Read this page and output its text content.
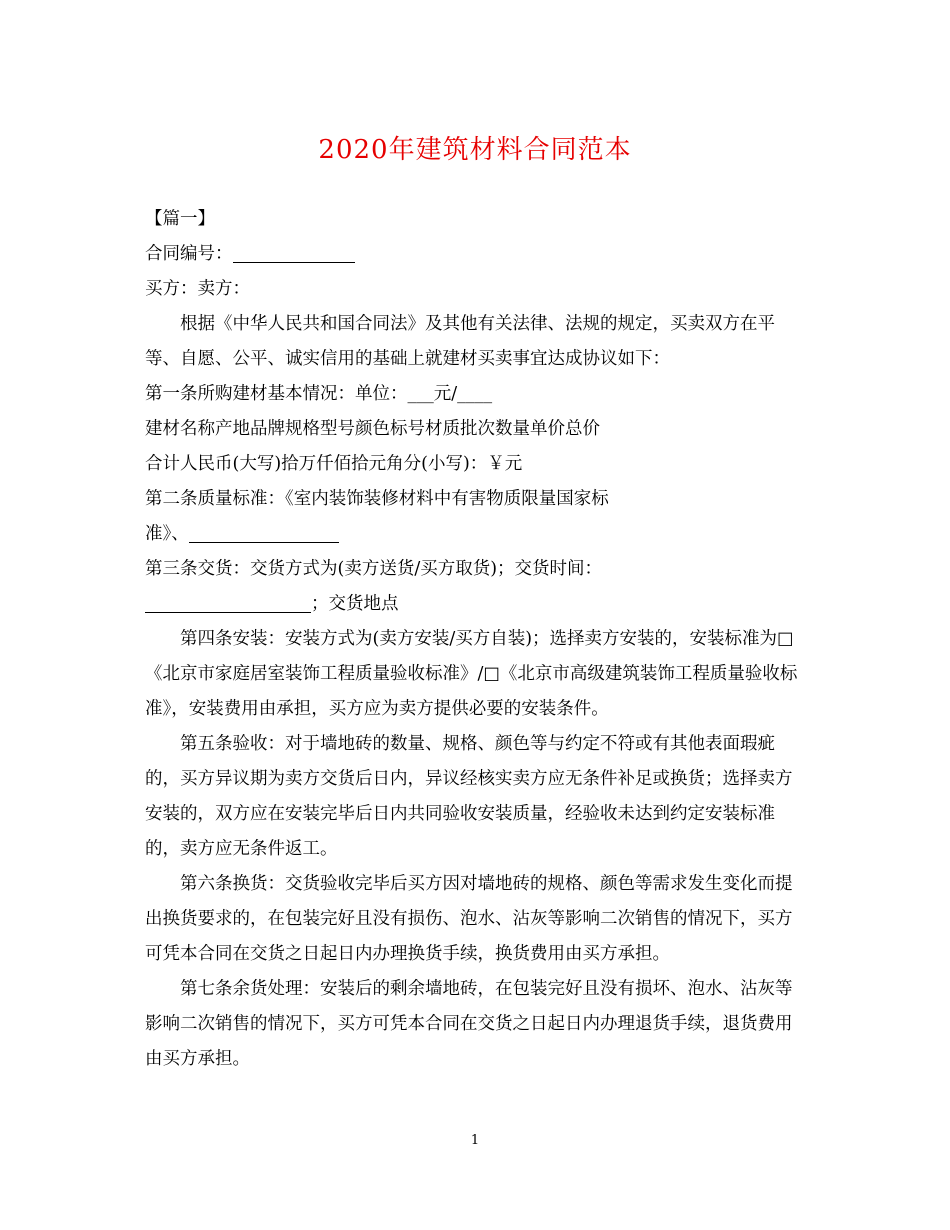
2020年建筑材料合同范本

【篇一】

合同编号：

买方：卖方：

根据《中华人民共和国合同法》及其他有关法律、法规的规定，买卖双方在平等、自愿、公平、诚实信用的基础上就建材买卖事宜达成协议如下：

第一条所购建材基本情况：单位：___元/____

建材名称产地品牌规格型号颜色标号材质批次数量单价总价

合计人民币(大写)拾万仟佰拾元角分(小写)：￥元

第二条质量标准：《室内装饰装修材料中有害物质限量国家标

准》、

第三条交货：交货方式为(卖方送货/买方取货)；交货时间：

；交货地点

第四条安装：安装方式为(卖方安装/买方自装)；选择卖方安装的，安装标准为□《北京市家庭居室装饰工程质量验收标准》/□《北京市高级建筑装饰工程质量验收标准》，安装费用由承担，买方应为卖方提供必要的安装条件。

第五条验收：对于墙地砖的数量、规格、颜色等与约定不符或有其他表面瑕疵的，买方异议期为卖方交货后日内，异议经核实卖方应无条件补足或换货；选择卖方安装的，双方应在安装完毕后日内共同验收安装质量，经验收未达到约定安装标准的，卖方应无条件返工。

第六条换货：交货验收完毕后买方因对墙地砖的规格、颜色等需求发生变化而提出换货要求的，在包装完好且没有损伤、泡水、沾灰等影响二次销售的情况下，买方可凭本合同在交货之日起日内办理换货手续，换货费用由买方承担。

第七条余货处理：安装后的剩余墙地砖，在包装完好且没有损坏、泡水、沾灰等影响二次销售的情况下，买方可凭本合同在交货之日起日内办理退货手续，退货费用由买方承担。

1
